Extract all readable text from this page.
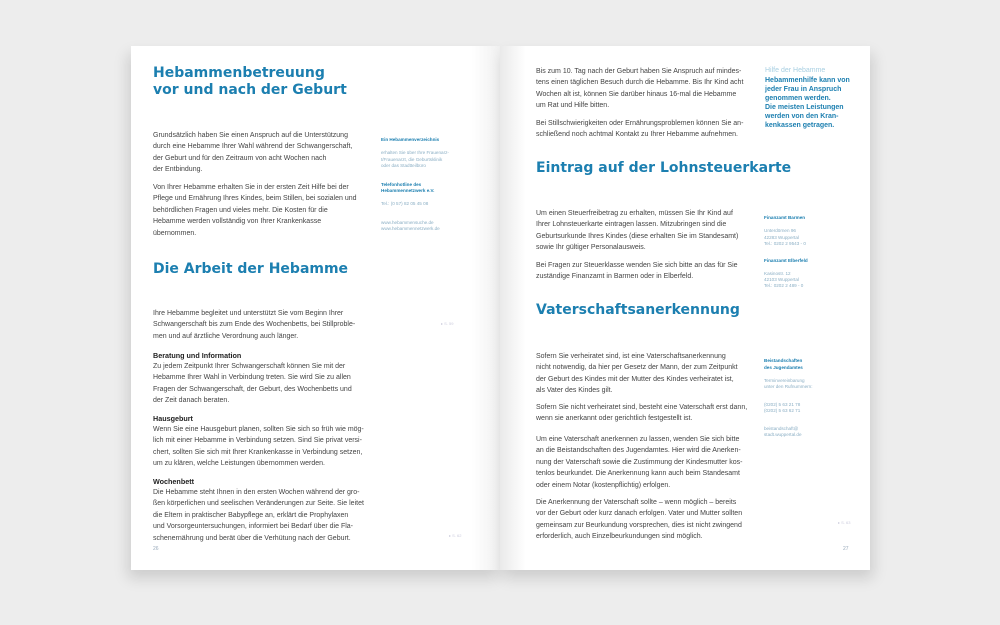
Hebammenbetreuung
vor und nach der Geburt
Grundsätzlich haben Sie einen Anspruch auf die Unterstützung
durch eine Hebamme Ihrer Wahl während der Schwangerschaft,
der Geburt und für den Zeitraum von acht Wochen nach
der Entbindung.
Von Ihrer Hebamme erhalten Sie in der ersten Zeit Hilfe bei der
Pflege und Ernährung Ihres Kindes, beim Stillen, bei sozialen und
behördlichen Fragen und vieles mehr. Die Kosten für die
Hebamme werden vollständig von Ihrer Krankenkasse
übernommen.

Ein Hebammenverzeichnis

erhalten Sie über Ihre Frauenarz-
t/Frauenarzt, die Geburtsklinik
oder das Stadtteilbüro

Telefonhotline des
Hebammennetzwerk e.V.

Tel.: (0 57) 82 05 45 08

www.hebammensuche.de
www.hebammennetzwerk.de

Die Arbeit der Hebamme
Ihre Hebamme begleitet und unterstützt Sie vom Beginn Ihrer
Schwangerschaft bis zum Ende des Wochenbetts, bei Stillproble-
men und auf ärztliche Verordnung auch länger.
▸ S. 59
Beratung und Information
Zu jedem Zeitpunkt Ihrer Schwangerschaft können Sie mit der
Hebamme Ihrer Wahl in Verbindung treten. Sie wird Sie zu allen
Fragen der Schwangerschaft, der Geburt, des Wochenbetts und
der Zeit danach beraten.
Hausgeburt
Wenn Sie eine Hausgeburt planen, sollten Sie sich so früh wie mög-
lich mit einer Hebamme in Verbindung setzen. Sind Sie privat versi-
chert, sollten Sie sich mit Ihrer Krankenkasse in Verbindung setzen,
um zu klären, welche Leistungen übernommen werden.
Wochenbett
Die Hebamme steht Ihnen in den ersten Wochen während der gro-
ßen körperlichen und seelischen Veränderungen zur Seite. Sie leitet
die Eltern in praktischer Babypflege an, erklärt die Prophylaxen
und Vorsorgeuntersuchungen, informiert bei Bedarf über die Fla-
schenernährung und berät über die Verhütung nach der Geburt.	▸ S. 62
26
Bis zum 10. Tag nach der Geburt haben Sie Anspruch auf mindes-
tens einen täglichen Besuch durch die Hebamme. Bis Ihr Kind acht
Wochen alt ist, können Sie darüber hinaus 16-mal die Hebamme
um Rat und Hilfe bitten.
Bei Stillschwierigkeiten oder Ernährungsproblemen können Sie an-
schließend noch achtmal Kontakt zu Ihrer Hebamme aufnehmen.
Hilfe der Hebamme
Hebammenhilfe kann von
jeder Frau in Anspruch
genommen werden.
Die meisten Leistungen
werden von den Kran-
kenkassen getragen.
Eintrag auf der Lohnsteuerkarte
Um einen Steuerfreibetrag zu erhalten, müssen Sie Ihr Kind auf
Ihrer Lohnsteuerkarte eintragen lassen. Mitzubringen sind die
Geburtsurkunde Ihres Kindes (diese erhalten Sie im Standesamt)
sowie Ihr gültiger Personalausweis.
Bei Fragen zur Steuerklasse wenden Sie sich bitte an das für Sie
zuständige Finanzamt in Barmen oder in Elberfeld.

Finanzamt Barmen

Unterdörnen 96
42283 Wuppertal
Tel.: 0202 2 9543 - 0

Finanzamt Elberfeld

Kasinostr. 12
42103 Wuppertal
Tel.: 0202 2 489 - 0

Vaterschaftsanerkennung
Sofern Sie verheiratet sind, ist eine Vaterschaftsanerkennung
nicht notwendig, da hier per Gesetz der Mann, der zum Zeitpunkt
der Geburt des Kindes mit der Mutter des Kindes verheiratet ist,
als Vater des Kindes gilt.
Sofern Sie nicht verheiratet sind, besteht eine Vaterschaft erst dann,
wenn sie anerkannt oder gerichtlich festgestellt ist.
Um eine Vaterschaft anerkennen zu lassen, wenden Sie sich bitte
an die Beistandschaften des Jugendamtes. Hier wird die Anerken-
nung der Vaterschaft sowie die Zustimmung der Kindesmutter kos-
tenlos beurkundet. Die Anerkennung kann auch beim Standesamt
oder einem Notar (kostenpflichtig) erfolgen.
Die Anerkennung der Vaterschaft sollte – wenn möglich – bereits
vor der Geburt oder kurz danach erfolgen. Vater und Mutter sollten
gemeinsam zur Beurkundung vorsprechen, dies ist nicht zwingend
erforderlich, auch Einzelbeurkundungen sind möglich.
▸ S. 63

Beistandschaften
des Jugendamtes

Terminvereinbarung
unter den Rufnummern:

(0202) 5 63 21 78
(0202) 5 63 62 71

beistandschaft@
stadt.wuppertal.de

27
